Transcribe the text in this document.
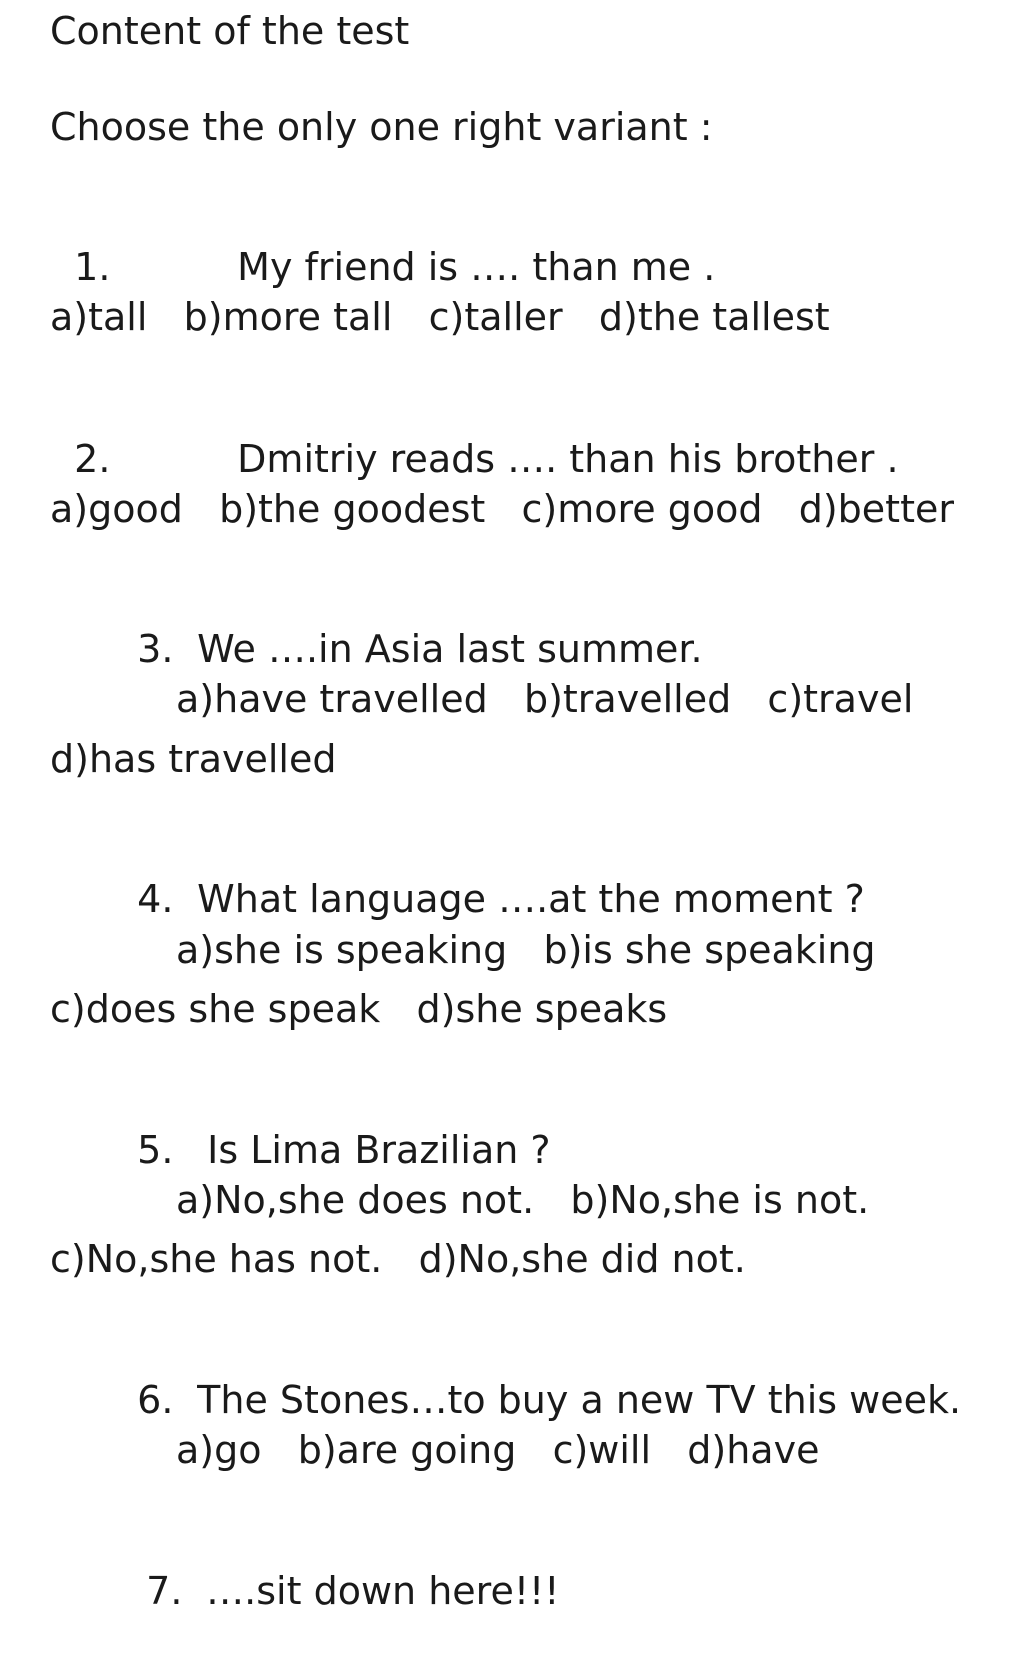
Content of the test
Choose the only one right variant :

1.	My friend is …. than me .

a)tall   b)more tall   c)taller   d)the tallest

2.	Dmitriy reads …. than his brother .

a)good   b)the goodest   c)more good   d)better

3. We ….in Asia last summer.

a)have travelled   b)travelled   c)travel
d)has travelled

4. What language ….at the moment ?

a)she is speaking   b)is she speaking
c)does she speak   d)she speaks

5. Is Lima Brazilian ?

a)No,she does not.   b)No,she is not.
c)No,she has not.   d)No,she did not.

6. The Stones…to buy a new TV this week.

a)go   b)are going   c)will   d)have

7. ….sit down here!!!
